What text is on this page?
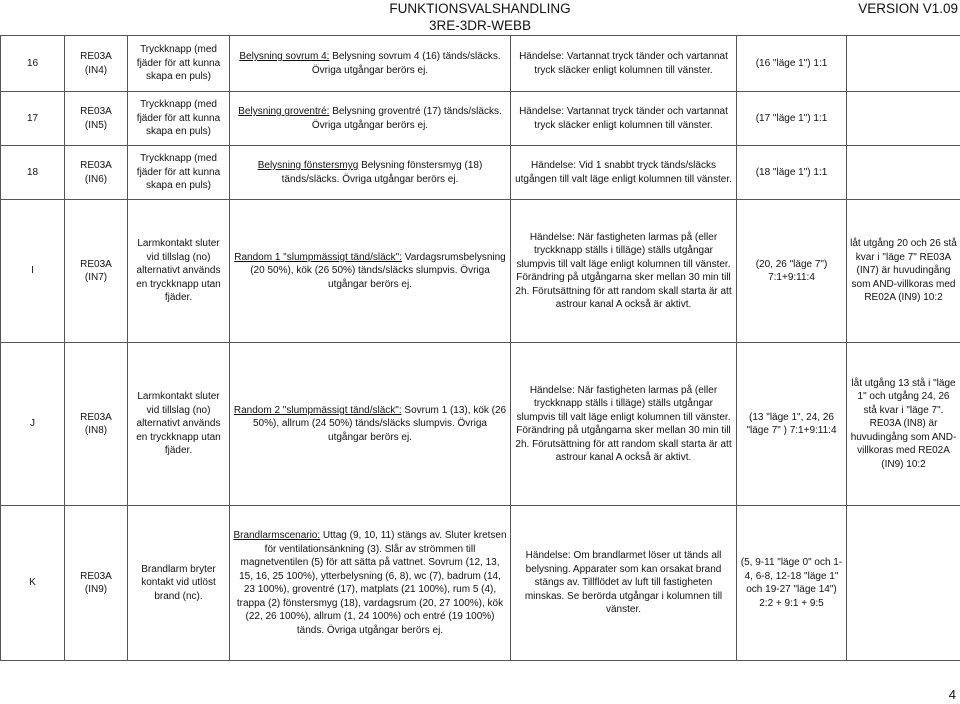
FUNKTIONSVALSHANDLING
3RE-3DR-WEBB
VERSION V1.09
16	RE03A (IN4)	Tryckknapp (med fjäder för att kunna skapa en puls)	Belysning sovrum 4: Belysning sovrum 4 (16) tänds/släcks. Övriga utgångar berörs ej.	Händelse: Vartannat tryck tänder och vartannat tryck släcker enligt kolumnen till vänster.	(16 "läge 1") 1:1	
17	RE03A (IN5)	Tryckknapp (med fjäder för att kunna skapa en puls)	Belysning groventré: Belysning groventré (17) tänds/släcks. Övriga utgångar berörs ej.	Händelse: Vartannat tryck tänder och vartannat tryck släcker enligt kolumnen till vänster.	(17 "läge 1") 1:1	
18	RE03A (IN6)	Tryckknapp (med fjäder för att kunna skapa en puls)	Belysning fönstersmyg Belysning fönstersmyg (18) tänds/släcks. Övriga utgångar berörs ej.	Händelse: Vid 1 snabbt tryck tänds/släcks utgången till valt läge enligt kolumnen till vänster.	(18 "läge 1") 1:1	
I	RE03A (IN7)	Larmkontakt sluter vid tillslag (no) alternativt används en tryckknapp utan fjäder.	Random 1 "slumpmässigt tänd/släck": Vardagsrumsbelysning (20 50%), kök (26 50%) tänds/släcks slumpvis. Övriga utgångar berörs ej.	Händelse: När fastigheten larmas på (eller tryckknapp ställs i tilläge) ställs utgångar slumpvis till valt läge enligt kolumnen till vänster. Förändring på utgångarna sker mellan 30 min till 2h. Förutsättning för att random skall starta är att astrour kanal A också är aktivt.	(20, 26 "läge 7") 7:1+9:11:4	låt utgång 20 och 26 stå kvar i "läge 7" RE03A (IN7) är huvudingång som AND-villkoras med RE02A (IN9) 10:2
J	RE03A (IN8)	Larmkontakt sluter vid tillslag (no) alternativt används en tryckknapp utan fjäder.	Random 2 "slumpmässigt tänd/släck": Sovrum 1 (13), kök (26 50%), allrum (24 50%) tänds/släcks slumpvis. Övriga utgångar berörs ej.	Händelse: När fastigheten larmas på (eller tryckknapp ställs i tilläge) ställs utgångar slumpvis till valt läge enligt kolumnen till vänster. Förändring på utgångarna sker mellan 30 min till 2h. Förutsättning för att random skall starta är att astrour kanal A också är aktivt.	(13 "läge 1", 24, 26 "läge 7" ) 7:1+9:11:4	låt utgång 13 stå i "läge 1" och utgång 24, 26 stå kvar i "läge 7". RE03A (IN8) är huvudingång som AND-villkoras med RE02A (IN9) 10:2
K	RE03A (IN9)	Brandlarm bryter kontakt vid utlöst brand (nc).	Brandlarmscenario: Uttag (9, 10, 11) stängs av. Sluter kretsen för ventilationsänkning (3). Slår av strömmen till magnetventilen (5) för att sätta på vattnet. Sovrum (12, 13, 15, 16, 25 100%), ytterbelysning (6, 8), wc (7), badrum (14, 23 100%), groventré (17), matplats (21 100%), rum 5 (4), trappa (2) fönstersmyg (18), vardagsrum (20, 27 100%), kök (22, 26 100%), allrum (1, 24 100%) och entré (19 100%) tänds. Övriga utgångar berörs ej.	Händelse: Om brandlarmet löser ut tänds all belysning. Apparater som kan orsakat brand stängs av. Tillflödet av luft till fastigheten minskas. Se berörda utgångar i kolumnen till vänster.	(5, 9-11 "läge 0" och 1-4, 6-8, 12-18 "läge 1" och 19-27 "läge 14") 2:2 + 9:1 + 9:5	
4
